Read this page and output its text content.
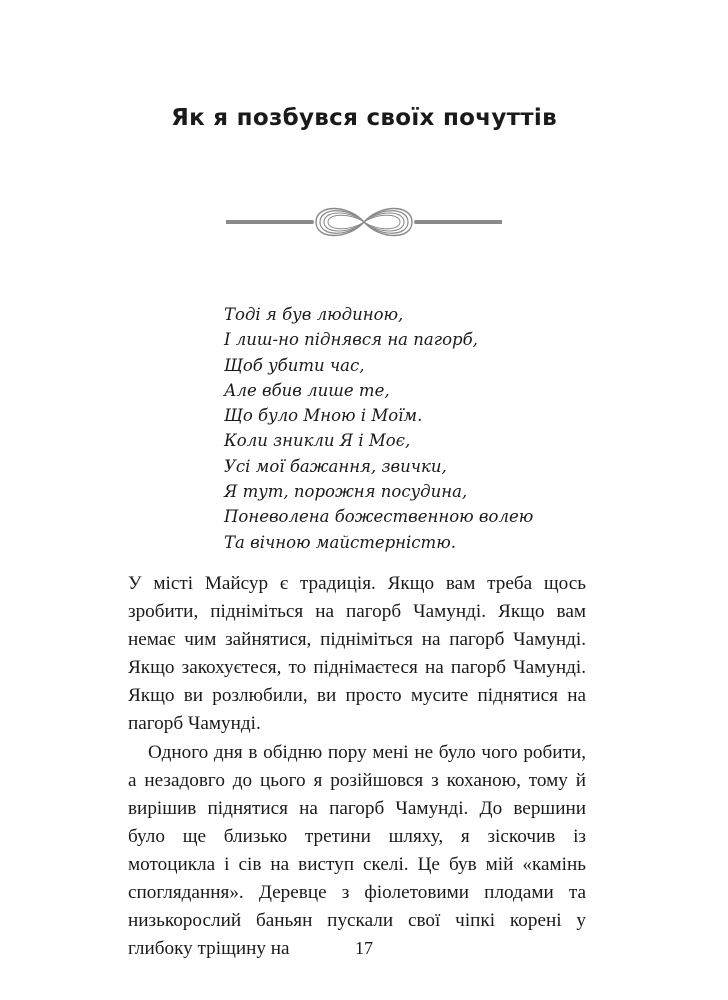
Як я позбувся своїх почуттів
Тоді я був людиною,
І лиш-но піднявся на пагорб,
Щоб убити час,
Але вбив лише те,
Що було Мною і Моїм.
Коли зникли Я і Моє,
Усі мої бажання, звички,
Я тут, порожня посудина,
Поневолена божественною волею
Та вічною майстерністю.

У місті Майсур є традиція. Якщо вам треба щось зробити, підніміться на пагорб Чамунді. Якщо вам немає чим зайнятися, підніміться на пагорб Чамунді. Якщо закохуєтеся, то піднімаєтеся на пагорб Чамунді. Якщо ви розлюбили, ви просто мусите піднятися на пагорб Чамунді.

Одного дня в обідню пору мені не було чого робити, а незадовго до цього я розійшовся з коханою, тому й вирішив піднятися на пагорб Чамунді. До вершини було ще близько третини шляху, я зіскочив із мотоцикла і сів на виступ скелі. Це був мій «камінь споглядання». Деревце з фіолетовими плодами та низькорослий баньян пускали свої чіпкі корені у глибоку тріщину на	17
